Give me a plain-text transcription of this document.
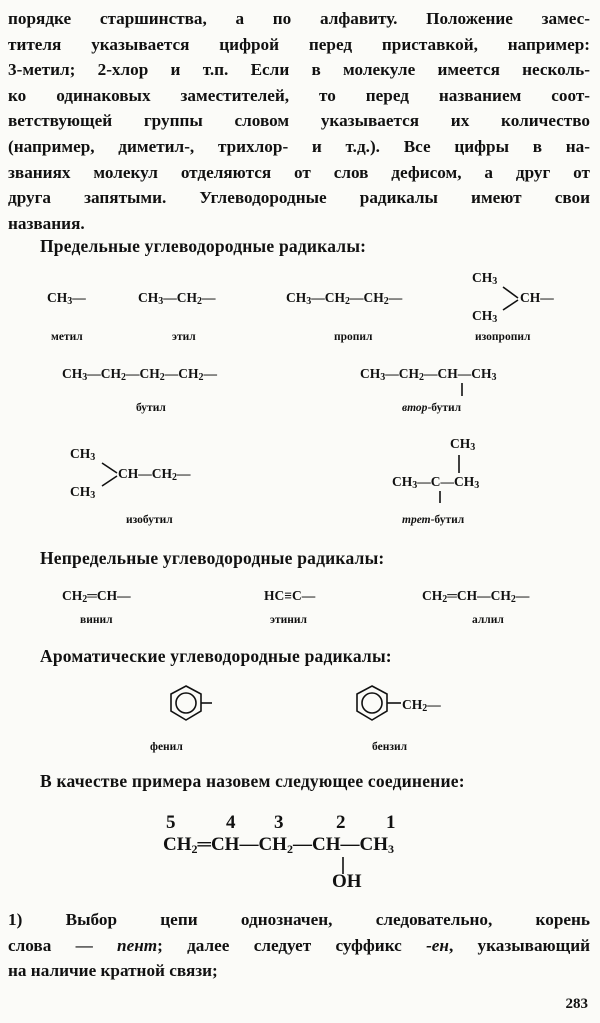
порядке старшинства, а по алфавиту. Положение замес-
тителя указывается цифрой перед приставкой, например:
3-метил; 2-хлор и т.п. Если в молекуле имеется несколь-
ко одинаковых заместителей, то перед названием соот-
ветствующей группы словом указывается их количество
(например, диметил-, трихлор- и т.д.). Все цифры в на-
званиях молекул отделяются от слов дефисом, а друг от
друга запятыми. Углеводородные радикалы имеют свои
названия.
Предельные углеводородные радикалы:
$CH_3—$
метил
$CH_3—CH_2—$
этил
$CH_3—CH_2—CH_2—$
пропил
$CH_3$
$CH_3$
CH—
изопропил
$CH_3—CH_2—CH_2—CH_2—$
бутил
$CH_3—CH_2—CH—CH_3$
втор-бутил
$CH_3$
$CH_3$
$CH—CH_2—$
изобутил
$CH_3$
$CH_3—C—CH_3$
трет-бутил
Непредельные углеводородные радикалы:
$CH_2═CH—$
винил
HC≡C—
этинил
$CH_2═CH—CH_2—$
аллил
Ароматические углеводородные радикалы:
фенил
$CH_2—$
бензил
В качестве примера назовем следующее соединение:
5	4 3	2 1
$CH_2═CH—CH_2—CH—CH_3$
OH
1) Выбор цепи однозначен, следовательно, корень
слова — пент; далее следует суффикс -ен, указывающий
на наличие кратной связи;
283
